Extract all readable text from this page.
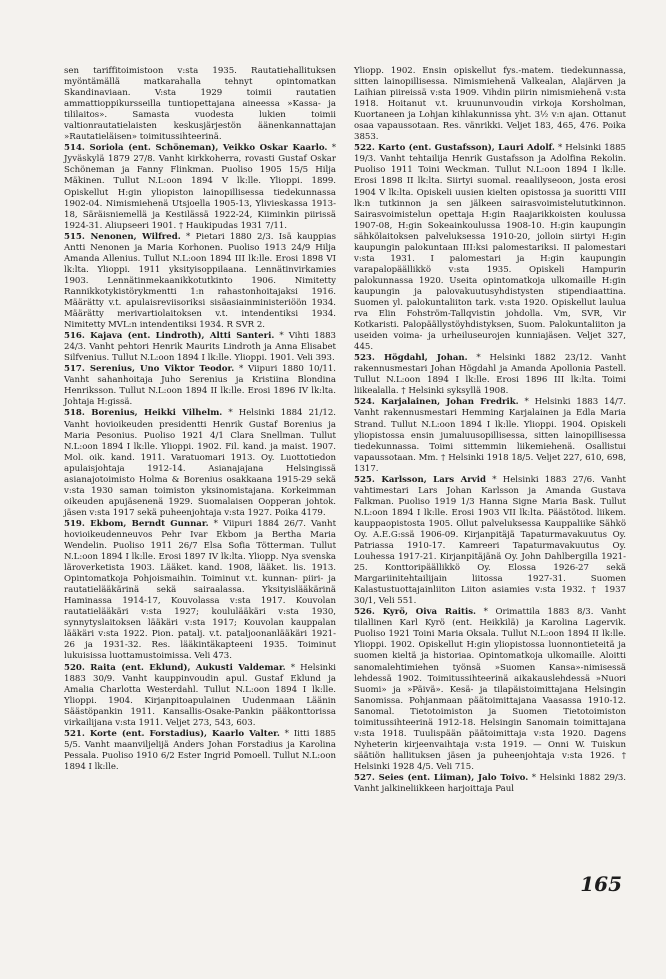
sen tariffitoimistoon v:sta 1935. Rautatiehallituksen myöntämällä matkarahalla tehnyt opintomatkan Skandinaviaan. V:sta 1929 toimii rautatien ammattioppikursseilla tuntiopettajana aineessa »Kassa- ja tililaitos». Samasta vuodesta lukien toimii valtionrautatielaisten keskusjärjestön äänenkannattajan »Rautatieläisen» toimitussihteerinä.

514. Soriola (ent. Schöneman), Veikko Oskar Kaarlo. * Jyväskylä 1879 27/8. Vanht kirkkoherra, rovasti Gustaf Oskar Schöneman ja Fanny Flinkman. Puoliso 1905 15/5 Hilja Mäkinen. Tullut N.L:oon 1894 V lk:lle. Ylioppi. 1899. Opiskellut H:gin yliopiston lainopillisessa tiedekunnassa 1902-04. Nimismiehenä Utsjoella 1905-13, Ylivieskassa 1913-18, Säräisniemellä ja Kestilässä 1922-24, Kiiminkin piirissä 1924-31. Aliupseeri 1901. † Haukipudas 1931 7/11.

515. Nenonen, Wilfred. * Pietari 1880 2/3. Isä kauppias Antti Nenonen ja Maria Korhonen. Puoliso 1913 24/9 Hilja Amanda Allenius. Tullut N.L:oon 1894 III lk:lle. Erosi 1898 VI lk:lta. Ylioppi. 1911 yksityisoppilaana. Lennätinvirkamies 1903. Lennätinmekaanikkotutkinto 1906. Nimitetty Rannikkotykistörykmentti 1:n rahastonhoitajaksi 1916. Määrätty v.t. apulaisreviisoriksi sisäasiainministeriöön 1934. Määrätty merivartiolaitoksen v.t. intendentiksi 1934. Nimitetty MVL:n intendentiksi 1934. R SVR 2.

516. Kajava (ent. Lindroth), Altti Santeri. * Vihti 1883 24/3. Vanht pehtori Henrik Maurits Lindroth ja Anna Elisabet Silfvenius. Tullut N.L:oon 1894 I lk:lle. Ylioppi. 1901. Veli 393.

517. Serenius, Uno Viktor Teodor. * Viipuri 1880 10/11. Vanht sahanhoitaja Juho Serenius ja Kristiina Blondina Henriksson. Tullut N.L:oon 1894 II lk:lle. Erosi 1896 IV lk:lta. Johtaja H:gissä.

518. Borenius, Heikki Vilhelm. * Helsinki 1884 21/12. Vanht hovioikeuden presidentti Henrik Gustaf Borenius ja Maria Pesonius. Puoliso 1921 4/1 Clara Snellman. Tullut N.L:oon 1894 I lk:lle. Ylioppi. 1902. Fil. kand. ja maist. 1907. Mol. oik. kand. 1911. Varatuomari 1913. Oy. Luottotiedon apulaisjohtaja 1912-14. Asianajajana Helsingissä asianajotoimisto Holma & Borenius osakkaana 1915-29 sekä v:sta 1930 saman toimiston yksinomistajana. Korkeimman oikeuden apujäsenenä 1929. Suomalaisen Oopperan johtok. jäsen v:sta 1917 sekä puheenjohtaja v:sta 1927. Poika 4179.

519. Ekbom, Berndt Gunnar. * Viipuri 1884 26/7. Vanht hovioikeudenneuvos Pehr Ivar Ekbom ja Bertha Maria Wendelin. Puoliso 1911 26/7 Elsa Sofia Tötterman. Tullut N.L:oon 1894 I lk:lle. Erosi 1897 IV lk:lta. Yliopp. Nya svenska läroverketista 1903. Lääket. kand. 1908, lääket. lis. 1913. Opintomatkoja Pohjoismaihin. Toiminut v.t. kunnan- piiri- ja rautatielääkärinä sekä sairaalassa. Yksityislääkärinä Haminassa 1914-17, Kouvolassa v:sta 1917. Kouvolan rautatielääkäri v:sta 1927; koululääkäri v:sta 1930, synnytyslaitoksen lääkäri v:sta 1917; Kouvolan kauppalan lääkäri v:sta 1922. Pion. patalj. v.t. pataljoonanlääkäri 1921-26 ja 1931-32. Res. lääkintäkapteeni 1935. Toiminut lukuisissa luottamustoimissa. Veli 473.

520. Raita (ent. Eklund), Aukusti Valdemar. * Helsinki 1883 30/9. Vanht kauppinvoudin apul. Gustaf Eklund ja Amalia Charlotta Westerdahl. Tullut N.L:oon 1894 I lk:lle. Ylioppi. 1904. Kirjanpitoapulainen Uudenmaan Läänin Säästöpankin 1911. Kansallis-Osake-Pankin pääkonttorissa virkailijana v:sta 1911. Veljet 273, 543, 603.

521. Korte (ent. Forstadius), Kaarlo Valter. * Iitti 1885 5/5. Vanht maanviljelijä Anders Johan Forstadius ja Karolina Pessala. Puoliso 1910 6/2 Ester Ingrid Pomoell. Tullut N.L:oon 1894 I lk:lle.

Yliopp. 1902. Ensin opiskellut fys.-matem. tiedekunnassa, sitten lainopillisessa. Nimismiehenä Valkealan, Alajärven ja Laihian piireissä v:sta 1909. Vihdin piirin nimismiehenä v:sta 1918. Hoitanut v.t. kruununvoudin virkoja Korsholman, Kuortaneen ja Lohjan kihlakunnissa yht. 3½ v:n ajan. Ottanut osaa vapaussotaan. Res. vänrikki. Veljet 183, 465, 476. Poika 3853.

522. Karto (ent. Gustafsson), Lauri Adolf. * Helsinki 1885 19/3. Vanht tehtailija Henrik Gustafsson ja Adolfina Rekolin. Puoliso 1911 Toini Weckman. Tullut N.L:oon 1894 I lk:lle. Erosi 1898 II lk:lta. Siirtyi suomal. reaalilyseoon, josta erosi 1904 V lk:lta. Opiskeli uusien kielten opistossa ja suoritti VIII lk:n tutkinnon ja sen jälkeen sairasvoimistelututkinnon. Sairasvoimistelun opettaja H:gin Raajarikkoisten koulussa 1907-08, H:gin Sokeainkoulussa 1908-10. H:gin kaupungin sähkölaitoksen palveluksessa 1910-20, jolloin siirtyi H:gin kaupungin palokuntaan III:ksi palomestariksi. II palomestari v:sta 1931. I palomestari ja H:gin kaupungin varapalopäällikkö v:sta 1935. Opiskeli Hampurin palokunnassa 1920. Useita opintomatkoja ulkomaille H:gin kaupungin ja palovakuutusyhdistysten stipendiaattina. Suomen yl. palokuntaliiton tark. v:sta 1920. Opiskellut laulua rva Elin Fohström-Tallqvistin johdolla. Vm, SVR, Vir Kotkaristi. Palopäällystöyhdistyksen, Suom. Palokuntaliiton ja useiden voima- ja urheiluseurojen kunniajäsen. Veljet 327, 445.

523. Högdahl, Johan. * Helsinki 1882 23/12. Vanht rakennusmestari Johan Högdahl ja Amanda Apollonia Pastell. Tullut N.L:oon 1894 I lk:lle. Erosi 1896 III lk:lta. Toimi liikealalla. † Helsinki syksyllä 1908.

524. Karjalainen, Johan Fredrik. * Helsinki 1883 14/7. Vanht rakennusmestari Hemming Karjalainen ja Edla Maria Strand. Tullut N.L:oon 1894 I lk:lle. Ylioppi. 1904. Opiskeli yliopistossa ensin jumaluusopillisessa, sitten lainopillisessa tiedekunnassa. Toimi sittemmin liikemiehenä. Osallistui vapaussotaan. Mm. † Helsinki 1918 18/5. Veljet 227, 610, 698, 1317.

525. Karlsson, Lars Arvid * Helsinki 1883 27/6. Vanht vahtimestari Lars Johan Karlsson ja Amanda Gustava Falkman. Puoliso 1919 1/3 Hanna Signe Maria Bask. Tullut N.L:oon 1894 I lk:lle. Erosi 1903 VII lk:lta. Päästötod. liikem. kauppaopistosta 1905. Ollut palveluksessa Kauppaliike Sähkö Oy. A.E.G:ssä 1906-09. Kirjanpitäjä Tapaturmavakuutus Oy. Patriassa 1910-17. Kamreeri Tapaturmavakuutus Oy. Louhessa 1917-21. Kirjanpitäjänä Oy. John Dahlbergilla 1921-25. Konttoripäällikkö Oy. Elossa 1926-27 sekä Margariinitehtailijain liitossa 1927-31. Suomen Kalastustuottajainliiton Liiton asiamies v:sta 1932. † 1937 30/1, Veli 551.

526. Kyrö, Oiva Raitis. * Orimattila 1883 8/3. Vanht tilallinen Karl Kyrö (ent. Heikkilä) ja Karolina Lagervik. Puoliso 1921 Toini Maria Oksala. Tullut N.L:oon 1894 II lk:lle. Ylioppi. 1902. Opiskellut H:gin yliopistossa luonnontieteitä ja suomen kieltä ja historiaa. Opintomatkoja ulkomaille. Aloitti sanomalehtimiehen työnsä »Suomen Kansa»-nimisessä lehdessä 1902. Toimitussihteerinä aikakauslehdessä »Nuori Suomi» ja »Päivä». Kesä- ja tilapäistoimittajana Helsingin Sanomissa. Pohjanmaan päätoimittajana Vaasassa 1910-12. Sanomal. Tietotoimiston ja Suomen Tietotoimiston toimitussihteerinä 1912-18. Helsingin Sanomain toimittajana v:sta 1918. Tuulispään päätoimittaja v:sta 1920. Dagens Nyheterin kirjeenvaihtaja v:sta 1919. — Onni W. Tuiskun säätiön hallituksen jäsen ja puheenjohtaja v:sta 1926. † Helsinki 1928 4/5. Veli 715.

527. Seies (ent. Liiman), Jalo Toivo. * Helsinki 1882 29/3. Vanht jalkineliikkeen harjoittaja Paul

165
